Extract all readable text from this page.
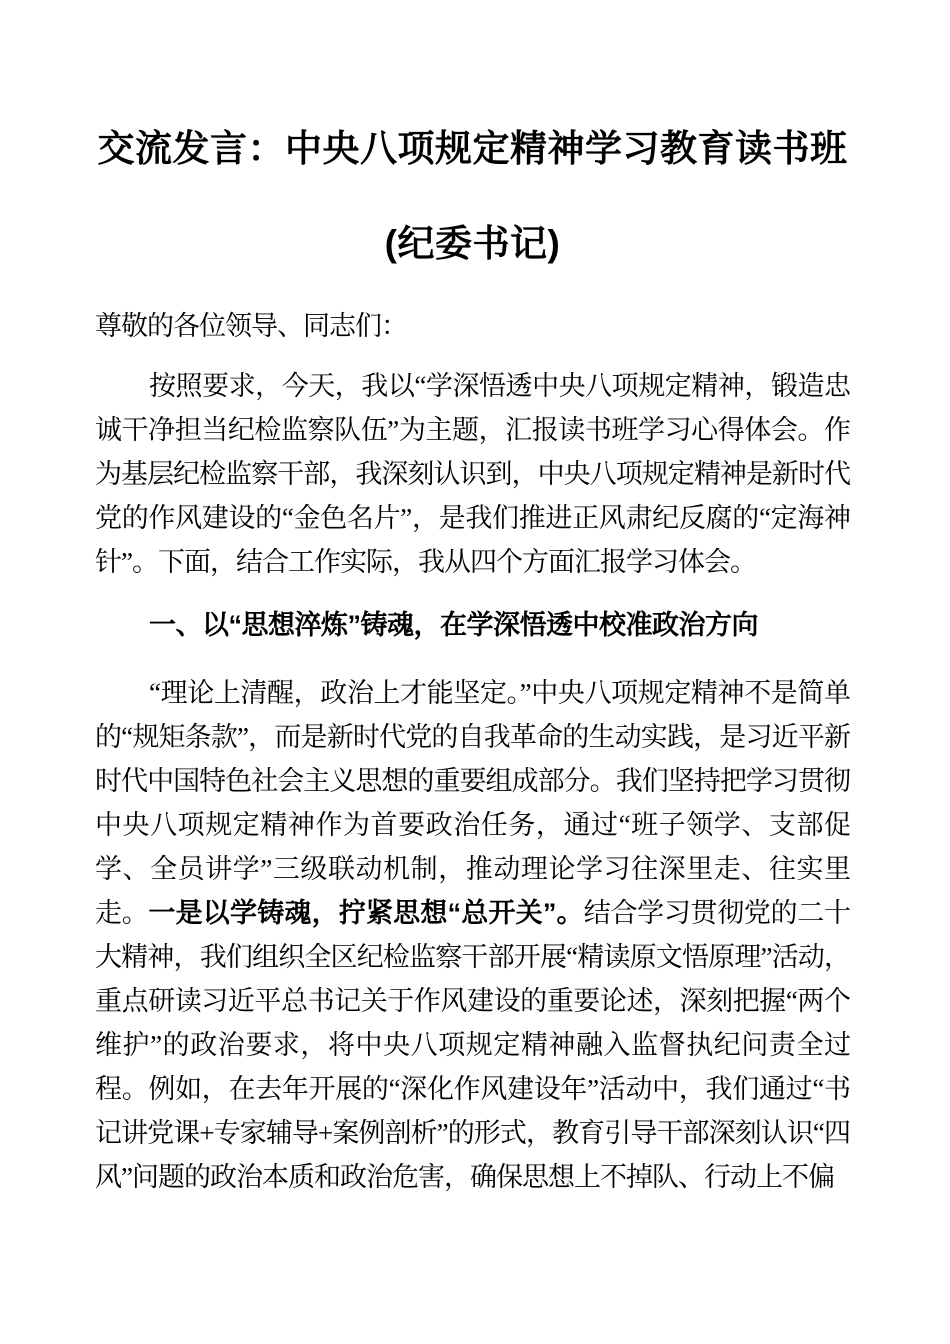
交流发言：中央八项规定精神学习教育读书班
(纪委书记)

尊敬的各位领导、同志们：

按照要求，今天，我以“学深悟透中央八项规定精神，锻造忠诚干净担当纪检监察队伍”为主题，汇报读书班学习心得体会。作为基层纪检监察干部，我深刻认识到，中央八项规定精神是新时代党的作风建设的“金色名片”，是我们推进正风肃纪反腐的“定海神针”。下面，结合工作实际，我从四个方面汇报学习体会。

一、以“思想淬炼”铸魂，在学深悟透中校准政治方向

“理论上清醒，政治上才能坚定。”中央八项规定精神不是简单的“规矩条款”，而是新时代党的自我革命的生动实践，是习近平新时代中国特色社会主义思想的重要组成部分。我们坚持把学习贯彻中央八项规定精神作为首要政治任务，通过“班子领学、支部促学、全员讲学”三级联动机制，推动理论学习往深里走、往实里走。一是以学铸魂，拧紧思想“总开关”。结合学习贯彻党的二十大精神，我们组织全区纪检监察干部开展“精读原文悟原理”活动，重点研读习近平总书记关于作风建设的重要论述，深刻把握“两个维护”的政治要求，将中央八项规定精神融入监督执纪问责全过程。例如，在去年开展的“深化作风建设年”活动中，我们通过“书记讲党课+专家辅导+案例剖析”的形式，教育引导干部深刻认识“四风”问题的政治本质和政治危害，确保思想上不掉队、行动上不偏
